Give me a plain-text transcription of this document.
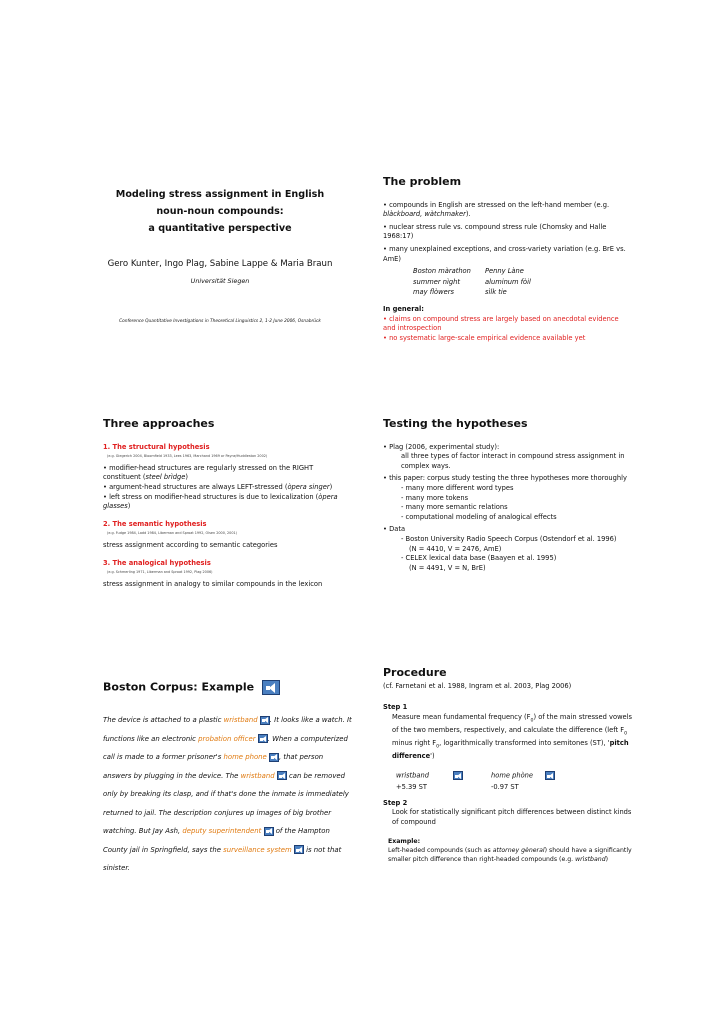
Modeling stress assignment in English
noun-noun compounds:
a quantitative perspective
Gero Kunter, Ingo Plag, Sabine Lappe & Maria Braun
Universität Siegen
Conference Quantitative Investigations in Theoretical Linguistics 2, 1-2 June 2006, Osnabrück
The problem
• compounds in English are stressed on the left-hand member (e.g. blàckboard, wàtchmaker).
• nuclear stress rule vs. compound stress rule (Chomsky and Halle 1968:17)
• many unexplained exceptions, and cross-variety variation (e.g. BrE vs. AmE)
Boston màrathon	Penny Làne
summer nìght	aluminum fòil
may flòwers	sìlk tie
In general:
• claims on compound stress are largely based on anecdotal evidence and introspection
• no systematic large-scale empirical evidence available yet
Three approaches
1. The structural hypothesis
(e.g. Giegerich 2004, Bloomfield 1933, Lees 1963, Marchand 1969 or Payne/Huddleston 2002)
• modifier-head structures are regularly stressed on the RIGHT constituent (steel brìdge)
• argument-head structures are always LEFT-stressed (òpera singer)
• left stress on modifier-head structures is due to lexicalization (òpera glasses)
2. The semantic hypothesis
(e.g. Fudge 1984, Ladd 1984, Liberman and Sproat 1992, Olsen 2000, 2001)
stress assignment according to semantic categories
3. The analogical hypothesis
(e.g. Schmerling 1971, Liberman and Sproat 1992, Plag 2006)
stress assignment in analogy to similar compounds in the lexicon
Testing the hypotheses
• Plag (2006, experimental study):
all three types of factor interact in compound stress assignment in complex ways.
• this paper: corpus study testing the three hypotheses more thoroughly
- many more different word types
- many more tokens
- many more semantic relations
- computational modeling of analogical effects
• Data
- Boston University Radio Speech Corpus (Ostendorf et al. 1996)
(N = 4410, V = 2476, AmE)
- CELEX lexical data base (Baayen et al. 1995)
(N = 4491, V = N, BrE)
Boston Corpus: Example
The device is attached to a plastic wristband . It looks like a watch. It functions like an electronic probation officer . When a computerized call is made to a former prisoner's home phone , that person answers by plugging in the device. The wristband  can be removed only by breaking its clasp, and if that's done the inmate is immediately returned to jail. The description conjures up images of big brother watching. But Jay Ash, deputy superintendent  of the Hampton County jail in Springfield, says the surveillance system  is not that sinister.
Procedure
(cf. Farnetani et al. 1988, Ingram et al. 2003, Plag 2006)
Step 1
Measure mean fundamental frequency $(F_0)$ of the main stressed vowels of the two members, respectively, and calculate the difference (left $F_0$ minus right $F_0$, logarithmically transformed into semitones (ST), 'pitch difference')
wristband	home phòne
+5.39 ST	-0.97 ST
Step 2
Look for statistically significant pitch differences between distinct kinds of compound
Example:
Left-headed compounds (such as attorney gèneral) should have a significantly smaller pitch difference than right-headed compounds (e.g. wrìstband)
